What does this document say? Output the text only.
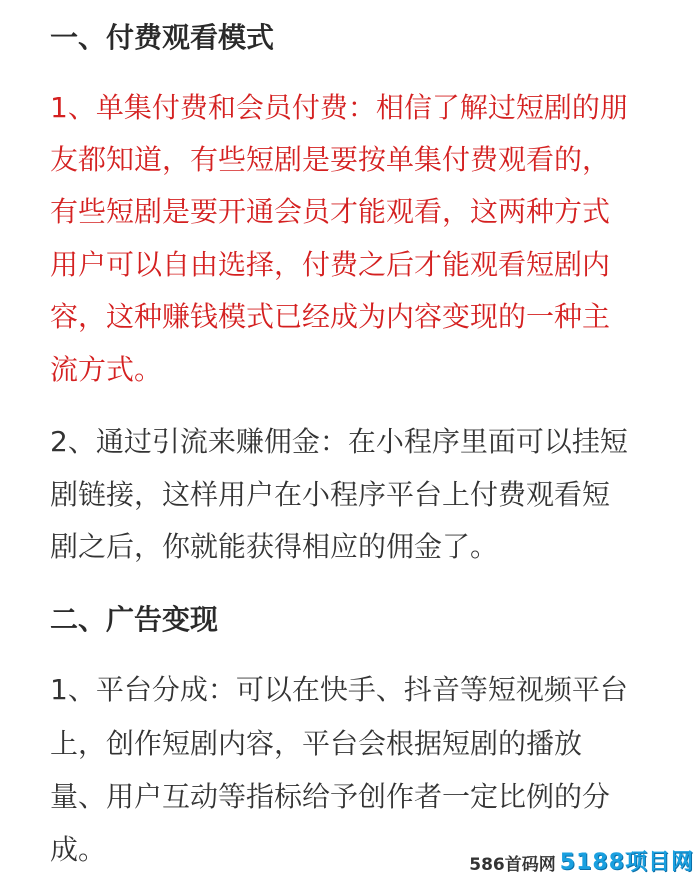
一、付费观看模式
1、单集付费和会员付费：相信了解过短剧的朋
友都知道，有些短剧是要按单集付费观看的，
有些短剧是要开通会员才能观看，这两种方式
用户可以自由选择，付费之后才能观看短剧内
容，这种赚钱模式已经成为内容变现的一种主
流方式。
2、通过引流来赚佣金：在小程序里面可以挂短
剧链接，这样用户在小程序平台上付费观看短
剧之后，你就能获得相应的佣金了。
二、广告变现
1、平台分成：可以在快手、抖音等短视频平台
上，创作短剧内容，平台会根据短剧的播放
量、用户互动等指标给予创作者一定比例的分
成。	586首码网 5188项目网
